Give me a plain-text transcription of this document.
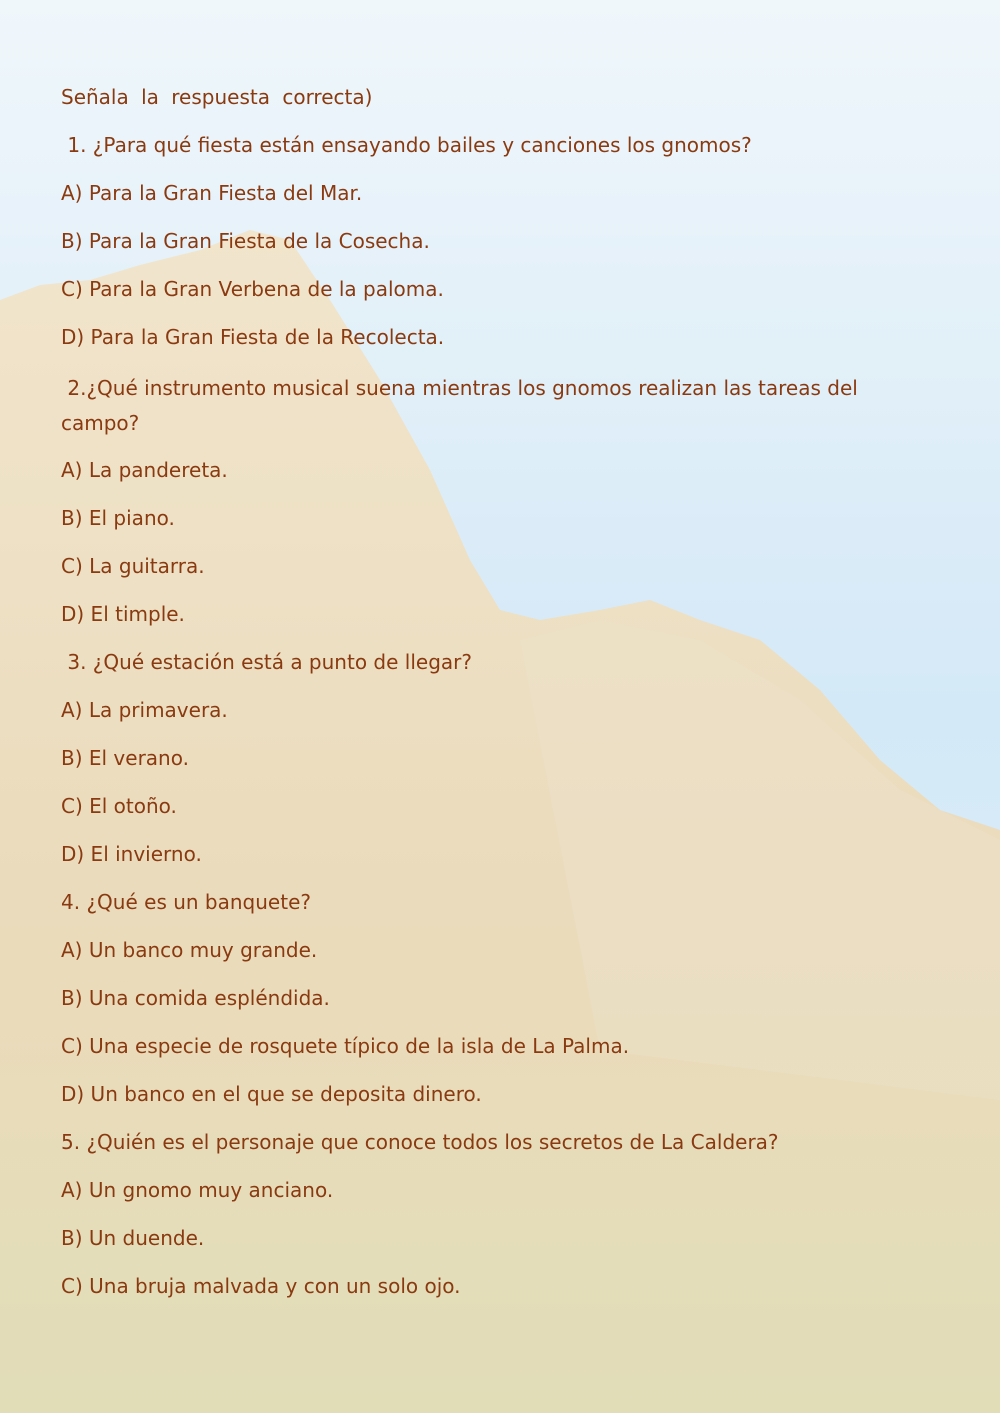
Señala la respuesta correcta)
1. ¿Para qué fiesta están ensayando bailes y canciones los gnomos?
A) Para la Gran Fiesta del Mar.
B) Para la Gran Fiesta de la Cosecha.
C) Para la Gran Verbena de la paloma.
D) Para la Gran Fiesta de la Recolecta.
2.¿Qué instrumento musical suena mientras los gnomos realizan las tareas del campo?
A) La pandereta.
B) El piano.
C) La guitarra.
D) El timple.
3. ¿Qué estación está a punto de llegar?
A) La primavera.
B) El verano.
C) El otoño.
D) El invierno.
4. ¿Qué es un banquete?
A) Un banco muy grande.
B) Una comida espléndida.
C) Una especie de rosquete típico de la isla de La Palma.
D) Un banco en el que se deposita dinero.
5. ¿Quién es el personaje que conoce todos los secretos de La Caldera?
A) Un gnomo muy anciano.
B) Un duende.
C) Una bruja malvada y con un solo ojo.
